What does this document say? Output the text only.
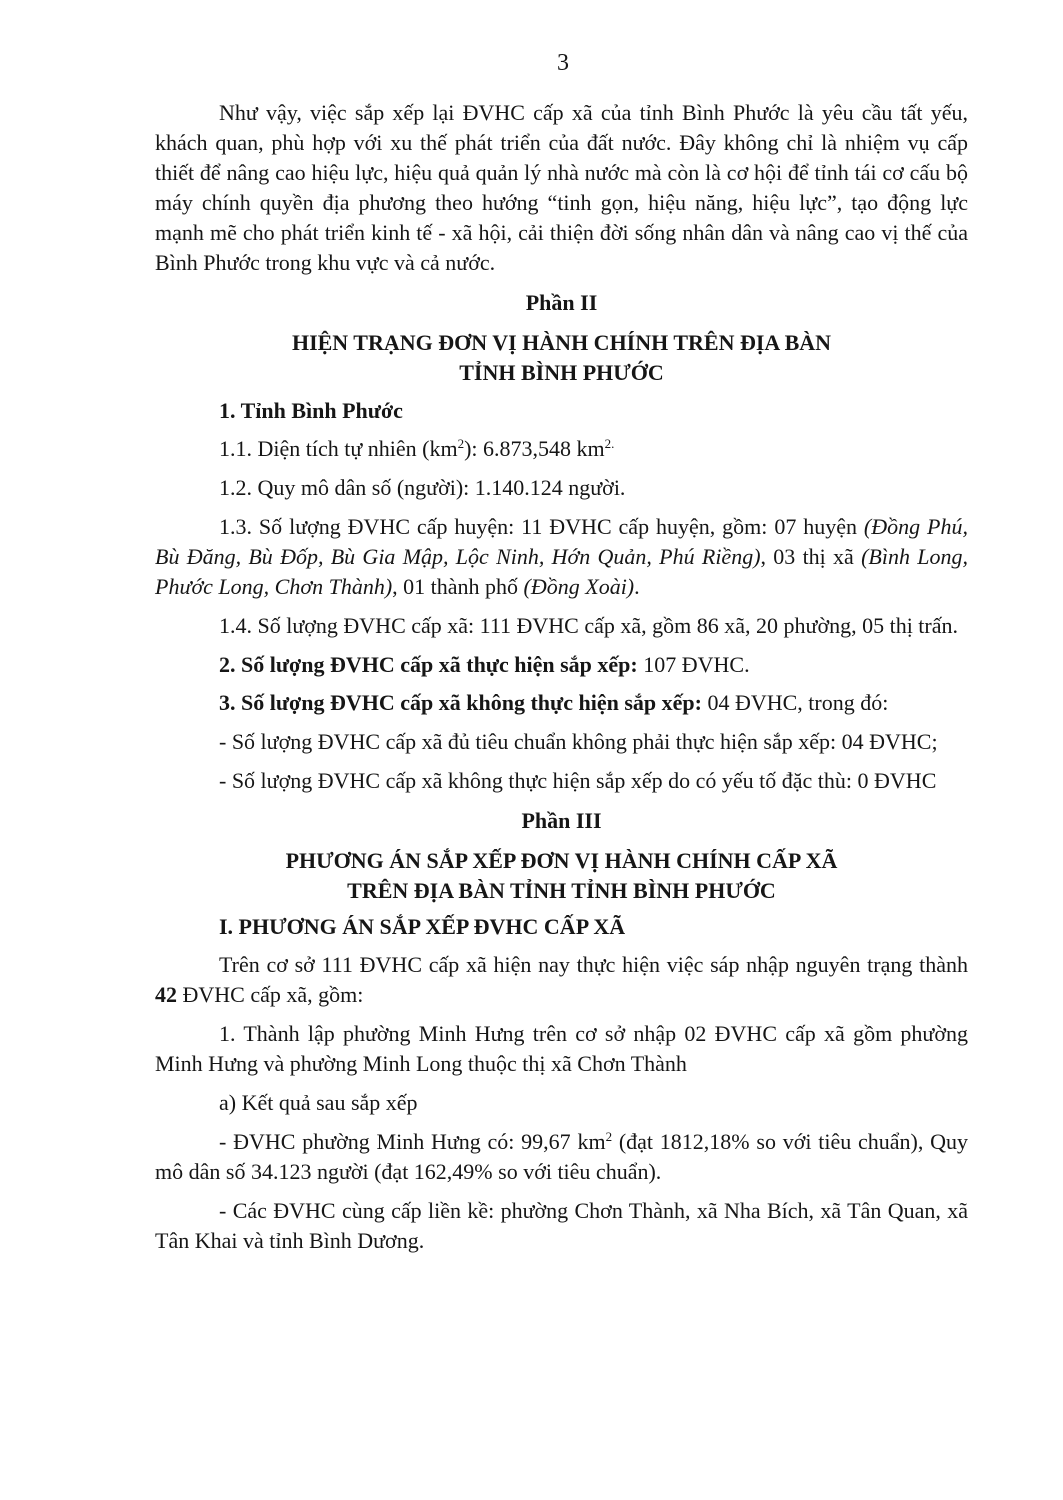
3

Như vậy, việc sắp xếp lại ĐVHC cấp xã của tỉnh Bình Phước là yêu cầu tất yếu, khách quan, phù hợp với xu thế phát triển của đất nước. Đây không chỉ là nhiệm vụ cấp thiết để nâng cao hiệu lực, hiệu quả quản lý nhà nước mà còn là cơ hội để tỉnh tái cơ cấu bộ máy chính quyền địa phương theo hướng “tinh gọn, hiệu năng, hiệu lực”, tạo động lực mạnh mẽ cho phát triển kinh tế - xã hội, cải thiện đời sống nhân dân và nâng cao vị thế của Bình Phước trong khu vực và cả nước.

Phần II

HIỆN TRẠNG ĐƠN VỊ HÀNH CHÍNH TRÊN ĐỊA BÀN

TỈNH BÌNH PHƯỚC

1. Tỉnh Bình Phước

1.1. Diện tích tự nhiên $(km^2)$: 6.873,548 $km^{2.}$

1.2. Quy mô dân số (người): 1.140.124 người.

1.3. Số lượng ĐVHC cấp huyện: 11 ĐVHC cấp huyện, gồm: 07 huyện (Đồng Phú, Bù Đăng, Bù Đốp, Bù Gia Mập, Lộc Ninh, Hớn Quản, Phú Riềng), 03 thị xã (Bình Long, Phước Long, Chơn Thành), 01 thành phố (Đồng Xoài).

1.4. Số lượng ĐVHC cấp xã: 111 ĐVHC cấp xã, gồm 86 xã, 20 phường, 05 thị trấn.

2. Số lượng ĐVHC cấp xã thực hiện sắp xếp: 107 ĐVHC.

3. Số lượng ĐVHC cấp xã không thực hiện sắp xếp: 04 ĐVHC, trong đó:

- Số lượng ĐVHC cấp xã đủ tiêu chuẩn không phải thực hiện sắp xếp: 04 ĐVHC;

- Số lượng ĐVHC cấp xã không thực hiện sắp xếp do có yếu tố đặc thù: 0 ĐVHC

Phần III

PHƯƠNG ÁN SẮP XẾP ĐƠN VỊ HÀNH CHÍNH CẤP XÃ

TRÊN ĐỊA BÀN TỈNH TỈNH BÌNH PHƯỚC

I. PHƯƠNG ÁN SẮP XẾP ĐVHC CẤP XÃ

Trên cơ sở 111 ĐVHC cấp xã hiện nay thực hiện việc sáp nhập nguyên trạng thành 42 ĐVHC cấp xã, gồm:

1. Thành lập phường Minh Hưng trên cơ sở nhập 02 ĐVHC cấp xã gồm phường Minh Hưng và phường Minh Long thuộc thị xã Chơn Thành

a) Kết quả sau sắp xếp

- ĐVHC phường Minh Hưng có: 99,67 $km^2$ (đạt 1812,18% so với tiêu chuẩn), Quy mô dân số 34.123 người (đạt 162,49% so với tiêu chuẩn).

- Các ĐVHC cùng cấp liền kề: phường Chơn Thành, xã Nha Bích, xã Tân Quan, xã Tân Khai và tỉnh Bình Dương.
